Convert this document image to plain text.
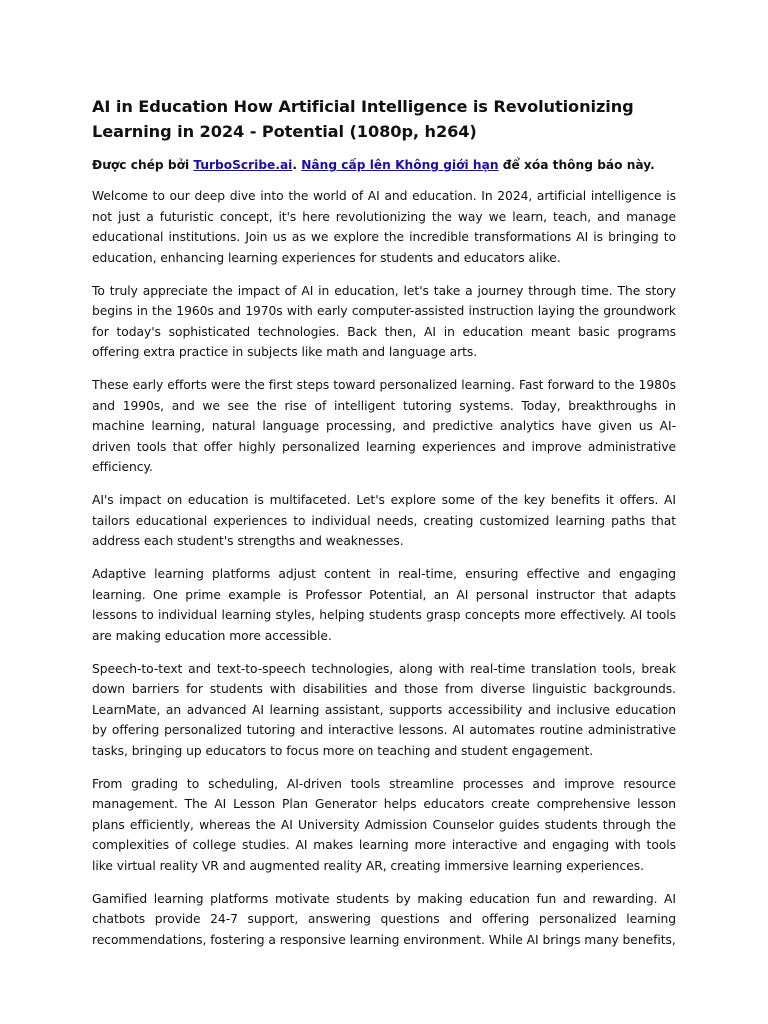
AI in Education How Artificial Intelligence is Revolutionizing Learning in 2024 - Potential (1080p, h264)

Được chép bởi TurboScribe.ai. Nâng cấp lên Không giới hạn để xóa thông báo này.

Welcome to our deep dive into the world of AI and education. In 2024, artificial intelligence is not just a futuristic concept, it's here revolutionizing the way we learn, teach, and manage educational institutions. Join us as we explore the incredible transformations AI is bringing to education, enhancing learning experiences for students and educators alike.

To truly appreciate the impact of AI in education, let's take a journey through time. The story begins in the 1960s and 1970s with early computer-assisted instruction laying the groundwork for today's sophisticated technologies. Back then, AI in education meant basic programs offering extra practice in subjects like math and language arts.

These early efforts were the first steps toward personalized learning. Fast forward to the 1980s and 1990s, and we see the rise of intelligent tutoring systems. Today, breakthroughs in machine learning, natural language processing, and predictive analytics have given us AI-driven tools that offer highly personalized learning experiences and improve administrative efficiency.

AI's impact on education is multifaceted. Let's explore some of the key benefits it offers. AI tailors educational experiences to individual needs, creating customized learning paths that address each student's strengths and weaknesses.

Adaptive learning platforms adjust content in real-time, ensuring effective and engaging learning. One prime example is Professor Potential, an AI personal instructor that adapts lessons to individual learning styles, helping students grasp concepts more effectively. AI tools are making education more accessible.

Speech-to-text and text-to-speech technologies, along with real-time translation tools, break down barriers for students with disabilities and those from diverse linguistic backgrounds. LearnMate, an advanced AI learning assistant, supports accessibility and inclusive education by offering personalized tutoring and interactive lessons. AI automates routine administrative tasks, bringing up educators to focus more on teaching and student engagement.

From grading to scheduling, AI-driven tools streamline processes and improve resource management. The AI Lesson Plan Generator helps educators create comprehensive lesson plans efficiently, whereas the AI University Admission Counselor guides students through the complexities of college studies. AI makes learning more interactive and engaging with tools like virtual reality VR and augmented reality AR, creating immersive learning experiences.

Gamified learning platforms motivate students by making education fun and rewarding. AI chatbots provide 24-7 support, answering questions and offering personalized learning recommendations, fostering a responsive learning environment. While AI brings many benefits,
